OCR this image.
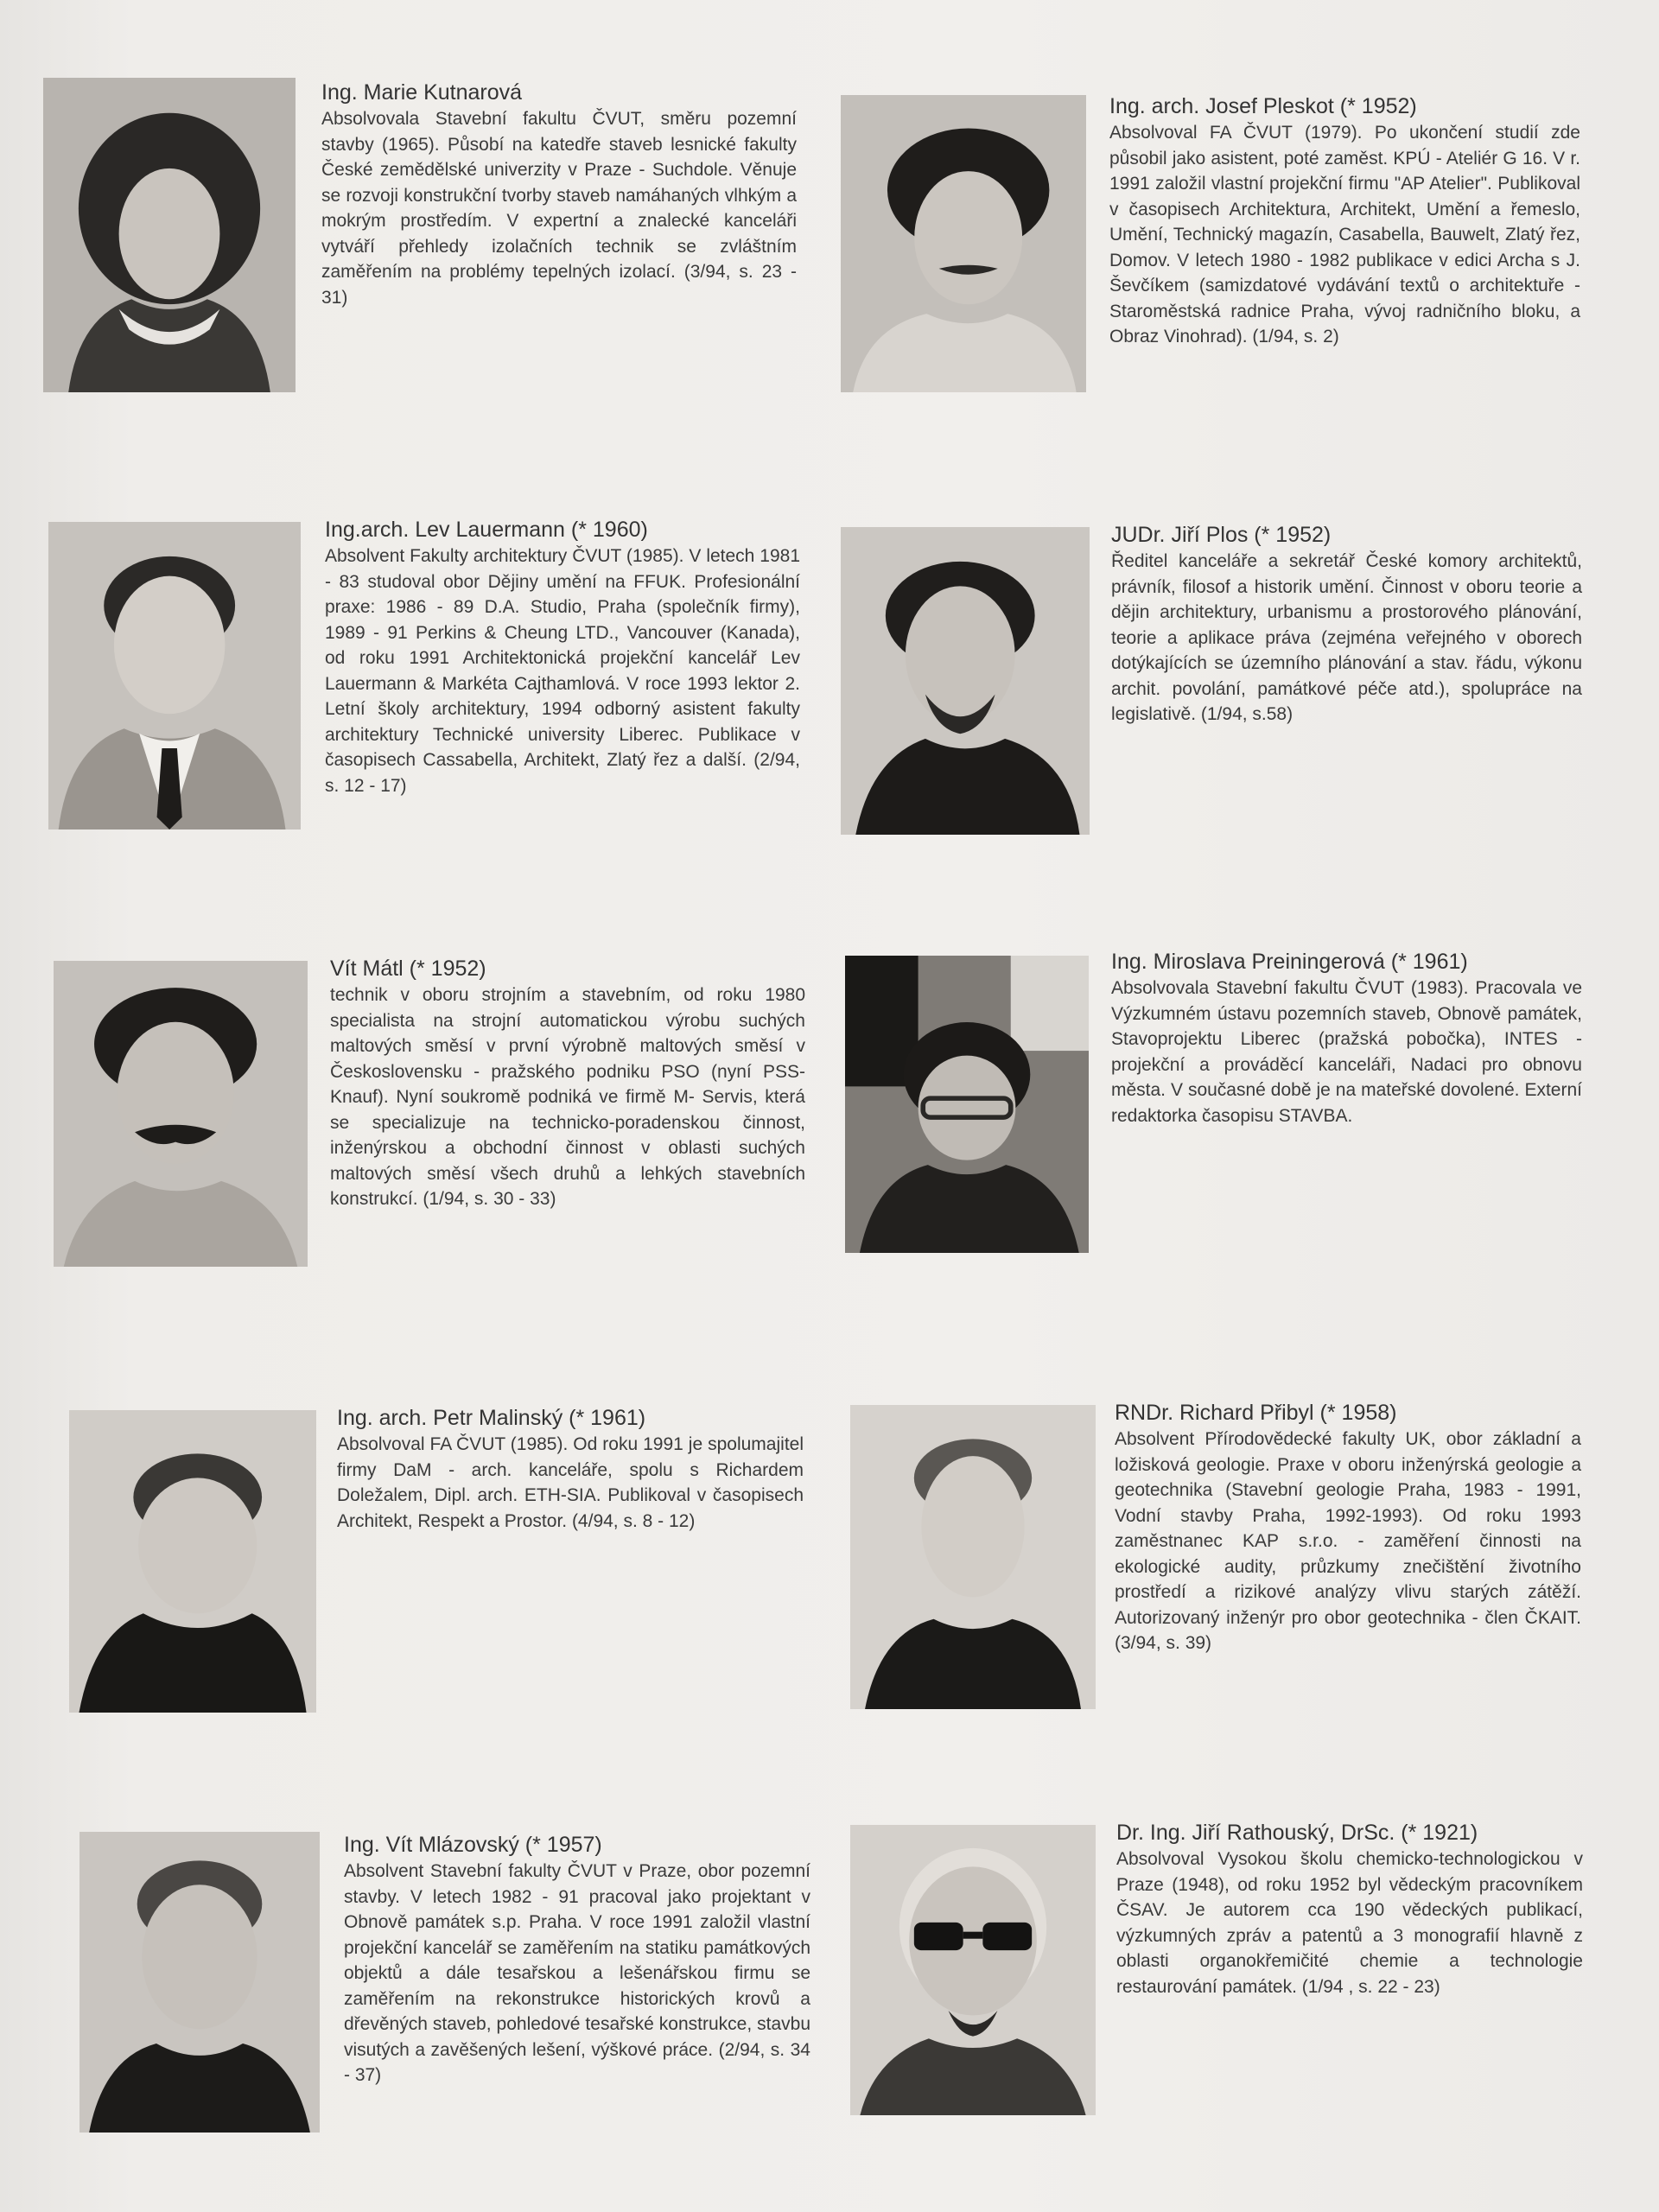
Ing. Marie Kutnarová
Absolvovala Stavební fakultu ČVUT, směru pozemní stavby (1965). Působí na katedře staveb lesnické fakulty České zemědělské univerzity v Praze - Suchdole. Věnuje se rozvoji konstrukční tvorby staveb namáhaných vlhkým a mokrým prostředím. V expertní a znalecké kanceláři vytváří přehledy izolačních technik se zvláštním zaměřením na problémy tepelných izolací. (3/94, s. 23 - 31)
Ing. arch. Josef Pleskot (* 1952)
Absolvoval FA ČVUT (1979). Po ukončení studií zde působil jako asistent, poté zaměst. KPÚ - Ateliér G 16. V r. 1991 založil vlastní projekční firmu "AP Atelier". Publikoval v časopisech Architektura, Architekt, Umění a řemeslo, Umění, Technický magazín, Casabella, Bauwelt, Zlatý řez, Domov. V letech 1980 - 1982 publikace v edici Archa s J. Ševčíkem (samizdatové vydávání textů o architektuře - Staroměstská radnice Praha, vývoj radničního bloku, a Obraz Vinohrad). (1/94, s. 2)
Ing.arch. Lev Lauermann (* 1960)
Absolvent Fakulty architektury ČVUT (1985). V letech 1981 - 83 studoval obor Dějiny umění na FFUK. Profesionální praxe: 1986 - 89 D.A. Studio, Praha (společník firmy), 1989 - 91 Perkins & Cheung LTD., Vancouver (Kanada), od roku 1991 Architektonická projekční kancelář Lev Lauermann & Markéta Cajthamlová. V roce 1993 lektor 2. Letní školy architektury, 1994 odborný asistent fakulty architektury Technické university Liberec. Publikace v časopisech Cassabella, Architekt, Zlatý řez a další. (2/94, s. 12 - 17)
JUDr. Jiří Plos (* 1952)
Ředitel kanceláře a sekretář České komory architektů, právník, filosof a historik umění. Činnost v oboru teorie a dějin architektury, urbanismu a prostorového plánování, teorie a aplikace práva (zejména veřejného v oborech dotýkajících se územního plánování a stav. řádu, výkonu archit. povolání, památkové péče atd.), spolupráce na legislativě. (1/94, s.58)
Vít Mátl (* 1952)
technik v oboru strojním a stavebním, od roku 1980 specialista na strojní automatickou výrobu suchých maltových směsí v první výrobně maltových směsí v Československu - pražského podniku PSO (nyní PSS- Knauf). Nyní soukromě podniká ve firmě M- Servis, která se specializuje na technicko-poradenskou činnost, inženýrskou a obchodní činnost v oblasti suchých maltových směsí všech druhů a lehkých stavebních konstrukcí. (1/94, s. 30 - 33)
Ing. Miroslava Preiningerová (* 1961)
Absolvovala Stavební fakultu ČVUT (1983). Pracovala ve Výzkumném ústavu pozemních staveb, Obnově památek, Stavoprojektu Liberec (pražská pobočka), INTES - projekční a prováděcí kanceláři, Nadaci pro obnovu města. V současné době je na mateřské dovolené. Externí redaktorka časopisu STAVBA.
Ing. arch. Petr Malinský (* 1961)
Absolvoval FA ČVUT (1985). Od roku 1991 je spolumajitel firmy DaM - arch. kanceláře, spolu s Richardem Doležalem, Dipl. arch. ETH-SIA. Publikoval v časopisech Architekt, Respekt a Prostor. (4/94, s. 8 - 12)
RNDr. Richard Přibyl (* 1958)
Absolvent Přírodovědecké fakulty UK, obor základní a ložisková geologie. Praxe v oboru inženýrská geologie a geotechnika (Stavební geologie Praha, 1983 - 1991, Vodní stavby Praha, 1992-1993). Od roku 1993 zaměstnanec KAP s.r.o. - zaměření činnosti na ekologické audity, průzkumy znečištění životního prostředí a rizikové analýzy vlivu starých zátěží. Autorizovaný inženýr pro obor geotechnika - člen ČKAIT. (3/94, s. 39)
Ing. Vít Mlázovský (* 1957)
Absolvent Stavební fakulty ČVUT v Praze, obor pozemní stavby. V letech 1982 - 91 pracoval jako projektant v Obnově památek s.p. Praha. V roce 1991 založil vlastní projekční kancelář se zaměřením na statiku památkových objektů a dále tesařskou a lešenářskou firmu se zaměřením na rekonstrukce historických krovů a dřevěných staveb, pohledové tesařské konstrukce, stavbu visutých a zavěšených lešení, výškové práce. (2/94, s. 34 - 37)
Dr. Ing. Jiří Rathouský, DrSc. (* 1921)
Absolvoval Vysokou školu chemicko-technologickou v Praze (1948), od roku 1952 byl vědeckým pracovníkem ČSAV. Je autorem cca 190 vědeckých publikací, výzkumných zpráv a patentů a 3 monografií hlavně z oblasti organokřemičité chemie a technologie restaurování památek. (1/94 , s. 22 - 23)
